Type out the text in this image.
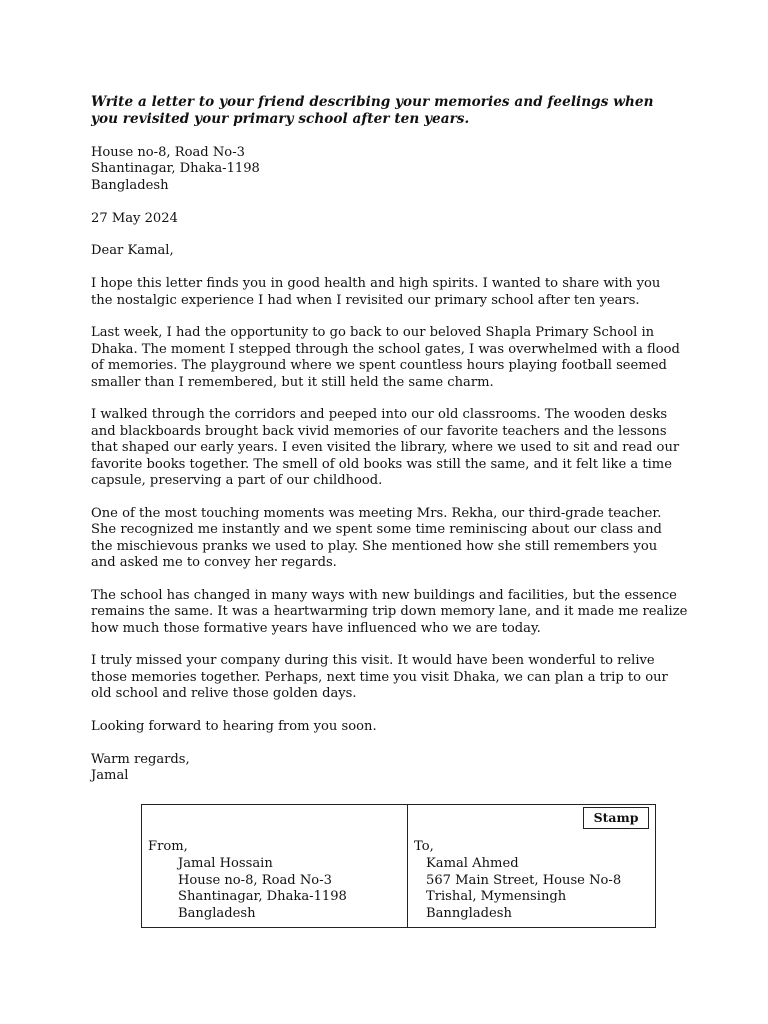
Write a letter to your friend describing your memories and feelings when
you revisited your primary school after ten years.
House no-8, Road No-3
Shantinagar, Dhaka-1198
Bangladesh
27 May 2024
Dear Kamal,
I hope this letter finds you in good health and high spirits. I wanted to share with you
the nostalgic experience I had when I revisited our primary school after ten years.
Last week, I had the opportunity to go back to our beloved Shapla Primary School in
Dhaka. The moment I stepped through the school gates, I was overwhelmed with a flood
of memories. The playground where we spent countless hours playing football seemed
smaller than I remembered, but it still held the same charm.
I walked through the corridors and peeped into our old classrooms. The wooden desks
and blackboards brought back vivid memories of our favorite teachers and the lessons
that shaped our early years. I even visited the library, where we used to sit and read our
favorite books together. The smell of old books was still the same, and it felt like a time
capsule, preserving a part of our childhood.
One of the most touching moments was meeting Mrs. Rekha, our third-grade teacher.
She recognized me instantly and we spent some time reminiscing about our class and
the mischievous pranks we used to play. She mentioned how she still remembers you
and asked me to convey her regards.
The school has changed in many ways with new buildings and facilities, but the essence
remains the same. It was a heartwarming trip down memory lane, and it made me realize
how much those formative years have influenced who we are today.
I truly missed your company during this visit. It would have been wonderful to relive
those memories together. Perhaps, next time you visit Dhaka, we can plan a trip to our
old school and relive those golden days.
Looking forward to hearing from you soon.
Warm regards,
Jamal
Stamp
From,
Jamal Hossain
House no-8, Road No-3
Shantinagar, Dhaka-1198
Bangladesh
To,
Kamal Ahmed
567 Main Street, House No-8
Trishal, Mymensingh
Banngladesh
